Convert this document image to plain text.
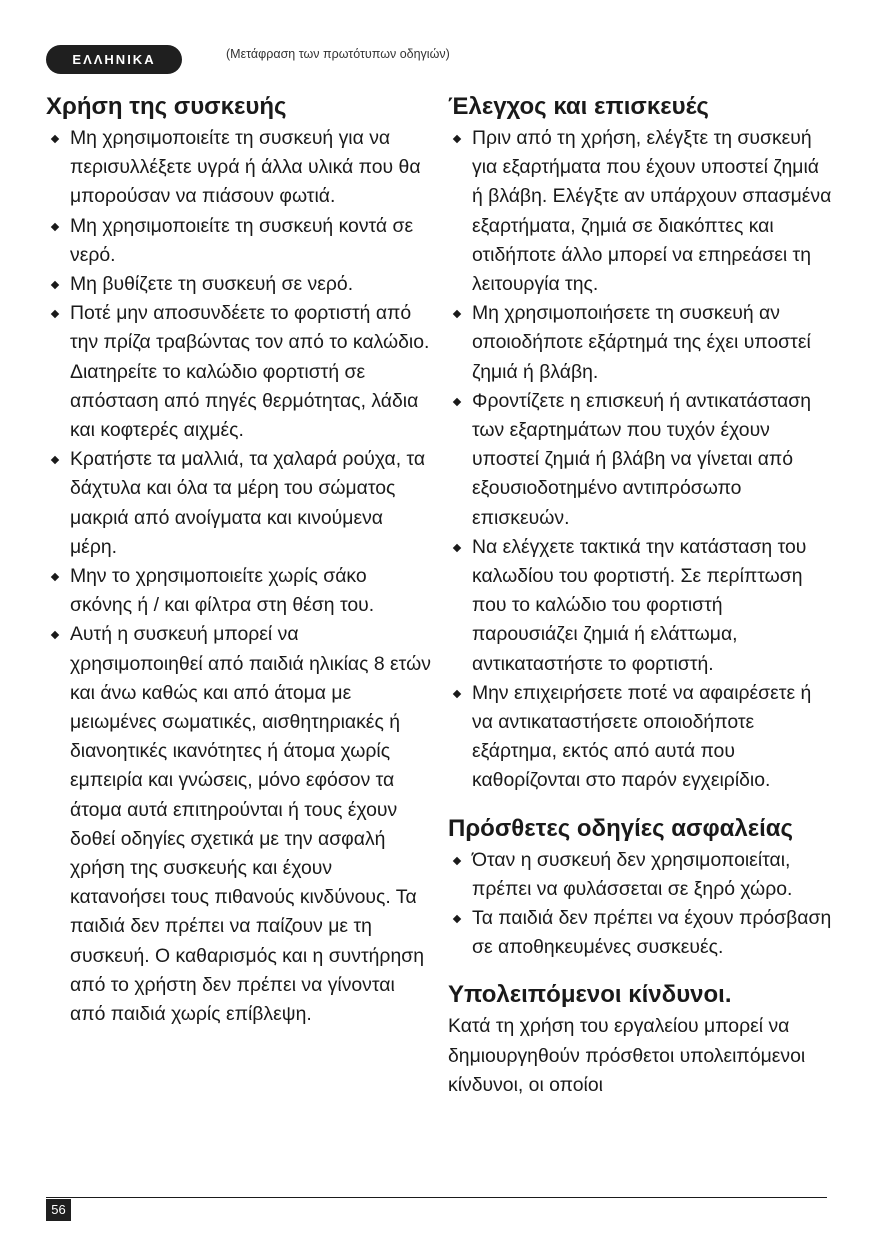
ΕΛΛΗΝΙΚΑ	(Μετάφραση των πρωτότυπων οδηγιών)
Χρήση της συσκευής
Μη χρησιμοποιείτε τη συσκευή για να περισυλλέξετε υγρά ή άλλα υλικά που θα μπορούσαν να πιάσουν φωτιά.
Μη χρησιμοποιείτε τη συσκευή κοντά σε νερό.
Μη βυθίζετε τη συσκευή σε νερό.
Ποτέ μην αποσυνδέετε το φορτιστή από την πρίζα τραβώντας τον από το καλώδιο. Διατηρείτε το καλώδιο φορτιστή σε απόσταση από πηγές θερμότητας, λάδια και κοφτερές αιχμές.
Κρατήστε τα μαλλιά, τα χαλαρά ρούχα, τα δάχτυλα και όλα τα μέρη του σώματος μακριά από ανοίγματα και κινούμενα μέρη.
Μην το χρησιμοποιείτε χωρίς σάκο σκόνης ή / και φίλτρα στη θέση του.
Αυτή η συσκευή μπορεί να χρησιμοποιηθεί από παιδιά ηλικίας 8 ετών και άνω καθώς και από άτομα με μειωμένες σωματικές, αισθητηριακές ή διανοητικές ικανότητες ή άτομα χωρίς εμπειρία και γνώσεις, μόνο εφόσον τα άτομα αυτά επιτηρούνται ή τους έχουν δοθεί οδηγίες σχετικά με την ασφαλή χρήση της συσκευής και έχουν κατανοήσει τους πιθανούς κινδύνους. Τα παιδιά δεν πρέπει να παίζουν με τη συσκευή. Ο καθαρισμός και η συντήρηση από το χρήστη δεν πρέπει να γίνονται από παιδιά χωρίς επίβλεψη.
Έλεγχος και επισκευές
Πριν από τη χρήση, ελέγξτε τη συσκευή για εξαρτήματα που έχουν υποστεί ζημιά ή βλάβη. Ελέγξτε αν υπάρχουν σπασμένα εξαρτήματα, ζημιά σε διακόπτες και οτιδήποτε άλλο μπορεί να επηρεάσει τη λειτουργία της.
Μη χρησιμοποιήσετε τη συσκευή αν οποιοδήποτε εξάρτημά της έχει υποστεί ζημιά ή βλάβη.
Φροντίζετε η επισκευή ή αντικατάσταση των εξαρτημάτων που τυχόν έχουν υποστεί ζημιά ή βλάβη να γίνεται από εξουσιοδοτημένο αντιπρόσωπο επισκευών.
Να ελέγχετε τακτικά την κατάσταση του καλωδίου του φορτιστή. Σε περίπτωση που το καλώδιο του φορτιστή παρουσιάζει ζημιά ή ελάττωμα, αντικαταστήστε το φορτιστή.
Μην επιχειρήσετε ποτέ να αφαιρέσετε ή να αντικαταστήσετε οποιοδήποτε εξάρτημα, εκτός από αυτά που καθορίζονται στο παρόν εγχειρίδιο.
Πρόσθετες οδηγίες ασφαλείας
Όταν η συσκευή δεν χρησιμοποιείται, πρέπει να φυλάσσεται σε ξηρό χώρο.
Τα παιδιά δεν πρέπει να έχουν πρόσβαση σε αποθηκευμένες συσκευές.
Υπολειπόμενοι κίνδυνοι.

Κατά τη χρήση του εργαλείου μπορεί να δημιουργηθούν πρόσθετοι υπολειπόμενοι κίνδυνοι, οι οποίοι

56
